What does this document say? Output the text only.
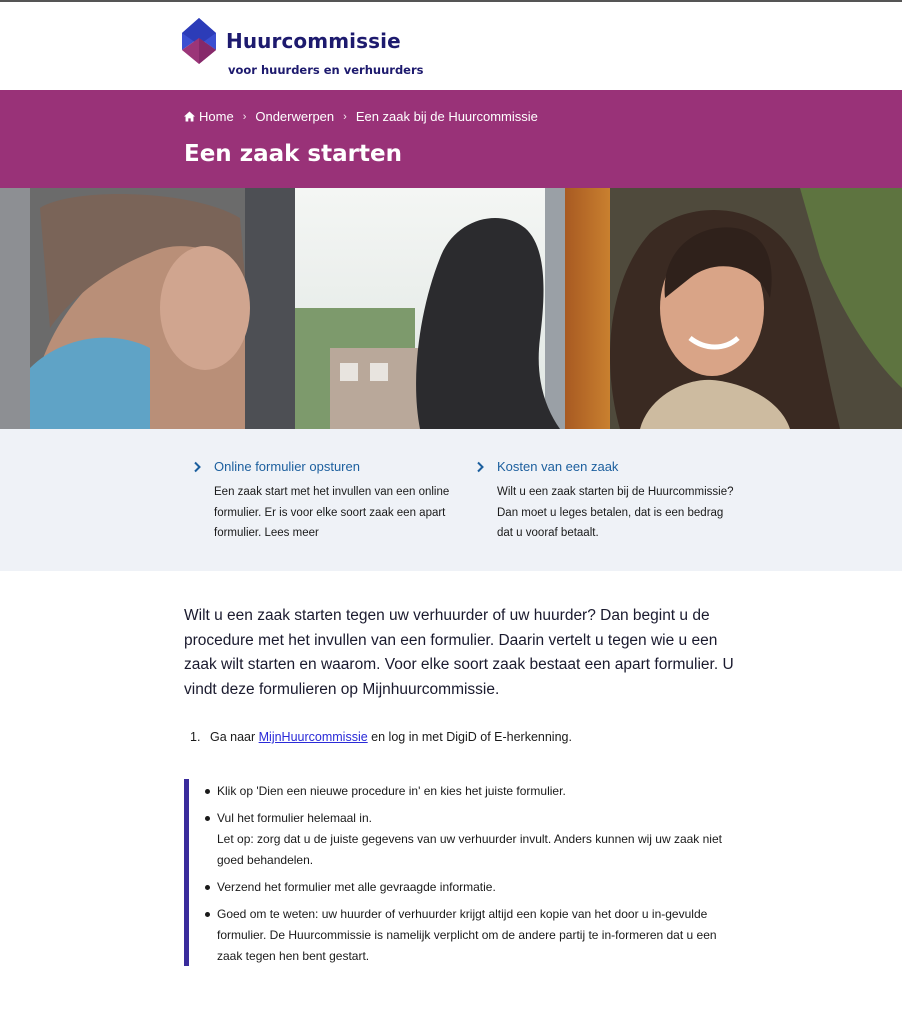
Huurcommissie
voor huurders en verhuurders
Home › Onderwerpen › Een zaak bij de Huurcommissie
Een zaak starten
Online formulier opsturen

Een zaak start met het invullen van een online formulier. Er is voor elke soort zaak een apart formulier. Lees meer

Kosten van een zaak

Wilt u een zaak starten bij de Huurcommissie? Dan moet u leges betalen, dat is een bedrag dat u vooraf betaalt.

Wilt u een zaak starten tegen uw verhuurder of uw huurder? Dan begint u de procedure met het invullen van een formulier. Daarin vertelt u tegen wie u een zaak wilt starten en waarom. Voor elke soort zaak bestaat een apart formulier. U vindt deze formulieren op Mijnhuurcommissie.

1. Ga naar MijnHuurcommissie en log in met DigiD of E-herkenning.
Klik op 'Dien een nieuwe procedure in' en kies het juiste formulier.
Vul het formulier helemaal in.
Let op: zorg dat u de juiste gegevens van uw verhuurder invult. Anders kunnen wij uw zaak niet goed behandelen.
Verzend het formulier met alle gevraagde informatie.
Goed om te weten: uw huurder of verhuurder krijgt altijd een kopie van het door u in-gevulde formulier. De Huurcommissie is namelijk verplicht om de andere partij te in-formeren dat u een zaak tegen hen bent gestart.
